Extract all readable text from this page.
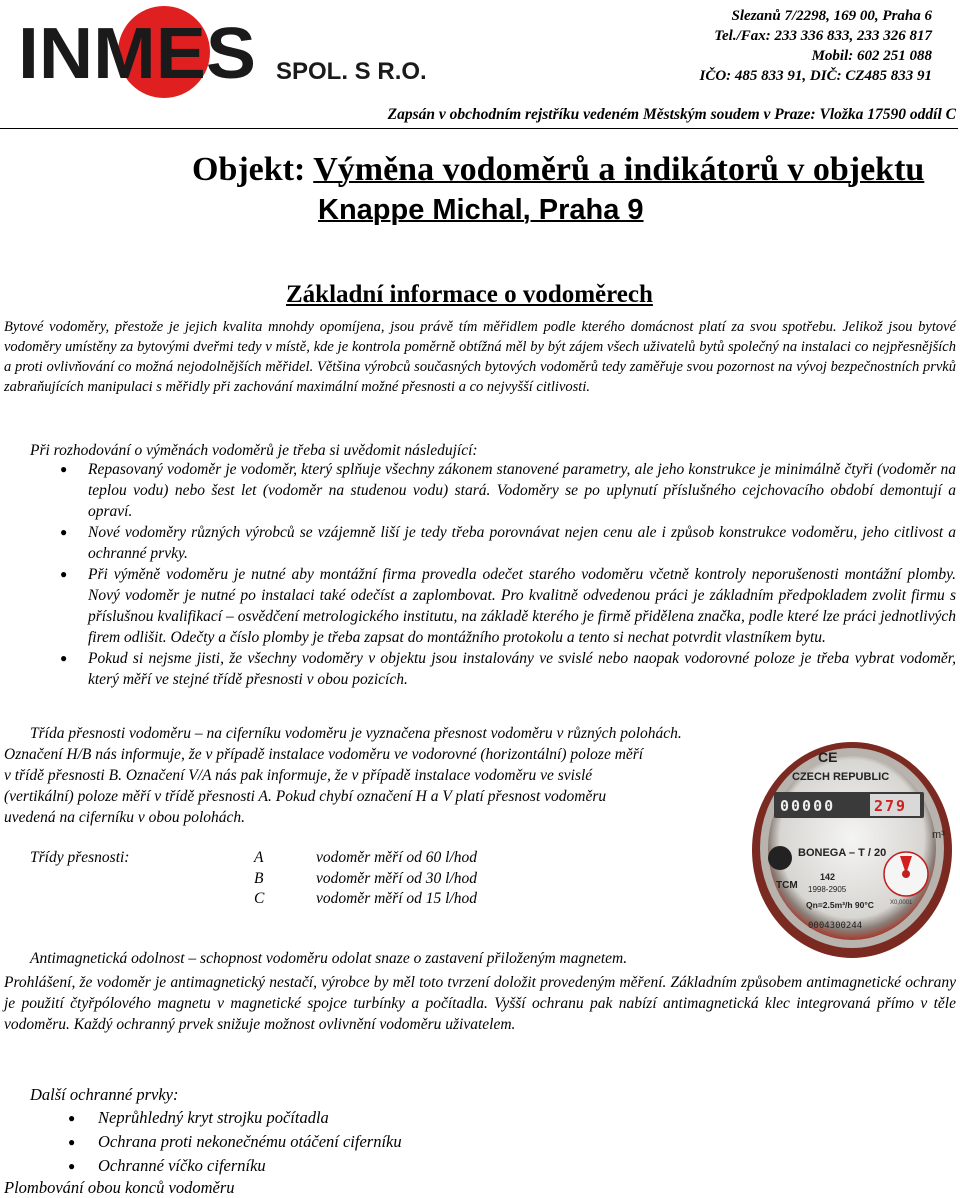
INMES SPOL. S R.O.
Slezanů 7/2298, 169 00, Praha 6
Tel./Fax: 233 336 833, 233 326 817
Mobil: 602 251 088
IČO: 485 833 91, DIČ: CZ485 833 91
Zapsán v obchodním rejstříku vedeném Městským soudem v Praze: Vložka 17590 oddíl C
Objekt: Výměna vodoměrů a indikátorů v objektu
Knappe Michal, Praha 9
Základní informace o vodoměrech
Bytové vodoměry, přestože je jejich kvalita mnohdy opomíjena, jsou právě tím měřidlem podle kterého domácnost platí za svou spotřebu. Jelikož jsou bytové vodoměry umístěny za bytovými dveřmi tedy v místě, kde je kontrola poměrně obtížná měl by být zájem všech uživatelů bytů společný na instalaci co nejpřesnějších a proti ovlivňování co možná nejodolnějších měřidel. Většina výrobců současných bytových vodoměrů tedy zaměřuje svou pozornost na vývoj bezpečnostních prvků zabraňujících manipulaci s měřidly při zachování maximální možné přesnosti a co nejvyšší citlivosti.
Při rozhodování o výměnách vodoměrů je třeba si uvědomit následující:
● Repasovaný vodoměr je vodoměr, který splňuje všechny zákonem stanovené parametry, ale jeho konstrukce je minimálně čtyři (vodoměr na teplou vodu) nebo šest let (vodoměr na studenou vodu) stará. Vodoměry se po uplynutí příslušného cejchovacího období demontují a opraví.
● Nové vodoměry různých výrobců se vzájemně liší je tedy třeba porovnávat nejen cenu ale i způsob konstrukce vodoměru, jeho citlivost a ochranné prvky.
● Při výměně vodoměru je nutné aby montážní firma provedla odečet starého vodoměru včetně kontroly neporušenosti montážní plomby. Nový vodoměr je nutné po instalaci také odečíst a zaplombovat. Pro kvalitně odvedenou práci je základním předpokladem zvolit firmu s příslušnou kvalifikací – osvědčení metrologického institutu, na základě kterého je firmě přidělena značka, podle které lze práci jednotlivých firem odlišit. Odečty a číslo plomby je třeba zapsat do montážního protokolu a tento si nechat potvrdit vlastníkem bytu.
● Pokud si nejsme jisti, že všechny vodoměry v objektu jsou instalovány ve svislé nebo naopak vodorovné poloze je třeba vybrat vodoměr, který měří ve stejné třídě přesnosti v obou pozicích.
Třída přesnosti vodoměru – na ciferníku vodoměru je vyznačena přesnost vodoměru v různých polohách.
Označení H/B nás informuje, že v případě instalace vodoměru ve vodorovné (horizontální) poloze měří
v třídě přesnosti B. Označení V/A nás pak informuje, že v případě instalace vodoměru ve svislé
(vertikální) poloze měří v třídě přesnosti A. Pokud chybí označení H a V platí přesnost vodoměru
uvedená na ciferníku v obou polohách.
Třídy přesnosti:	A	vodoměr měří od 60 l/hod
B	vodoměr měří od 30 l/hod
C	vodoměr měří od 15 l/hod
CE
CZECH REPUBLIC
00000	279
m³
BONEGA – T / 20
X0,0001
142
1998-2905
TCM
Qn=2.5m³/h 90°C
0004300244
Antimagnetická odolnost – schopnost vodoměru odolat snaze o zastavení přiloženým magnetem.
Prohlášení, že vodoměr je antimagnetický nestačí, výrobce by měl toto tvrzení doložit provedeným měření. Základním způsobem antimagnetické ochrany je použití čtyřpólového magnetu v magnetické spojce turbínky a počítadla. Vyšší ochranu pak nabízí antimagnetická klec integrovaná přímo v těle vodoměru. Každý ochranný prvek snižuje možnost ovlivnění vodoměru uživatelem.
Další ochranné prvky:
● Neprůhledný kryt strojku počítadla
● Ochrana proti nekonečnému otáčení ciferníku
● Ochranné víčko ciferníku
Plombování obou konců vodoměru
